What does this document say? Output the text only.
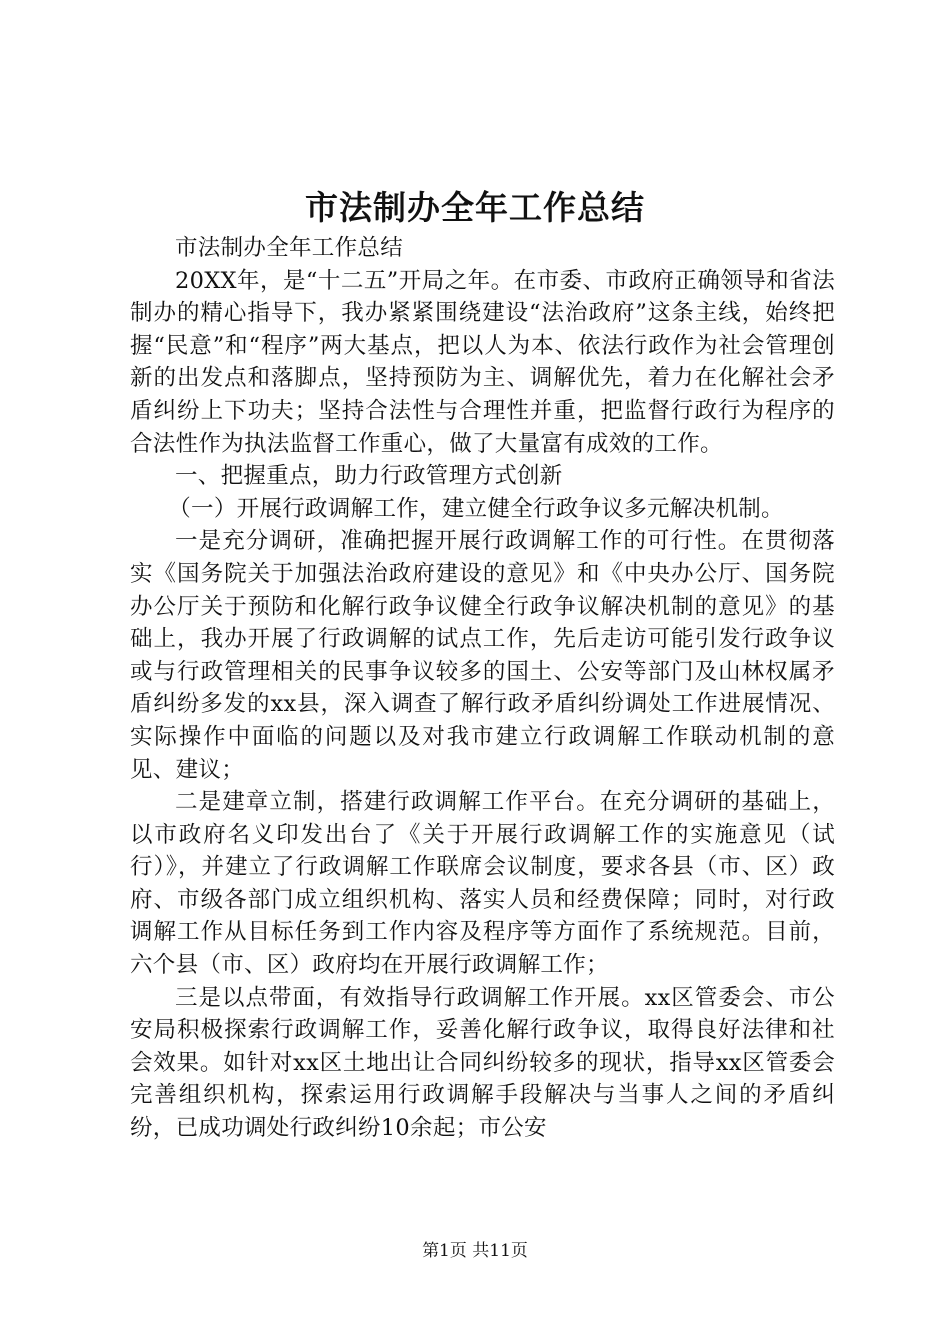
市法制办全年工作总结

市法制办全年工作总结

20XX年，是“十二五”开局之年。在市委、市政府正确领导和省法制办的精心指导下，我办紧紧围绕建设“法治政府”这条主线，始终把握“民意”和“程序”两大基点，把以人为本、依法行政作为社会管理创新的出发点和落脚点，坚持预防为主、调解优先，着力在化解社会矛盾纠纷上下功夫；坚持合法性与合理性并重，把监督行政行为程序的合法性作为执法监督工作重心，做了大量富有成效的工作。

一、把握重点，助力行政管理方式创新

（一）开展行政调解工作，建立健全行政争议多元解决机制。

一是充分调研，准确把握开展行政调解工作的可行性。在贯彻落实《国务院关于加强法治政府建设的意见》和《中央办公厅、国务院办公厅关于预防和化解行政争议健全行政争议解决机制的意见》的基础上，我办开展了行政调解的试点工作，先后走访可能引发行政争议或与行政管理相关的民事争议较多的国土、公安等部门及山林权属矛盾纠纷多发的xx县，深入调查了解行政矛盾纠纷调处工作进展情况、实际操作中面临的问题以及对我市建立行政调解工作联动机制的意见、建议；

二是建章立制，搭建行政调解工作平台。在充分调研的基础上，以市政府名义印发出台了《关于开展行政调解工作的实施意见（试行）》，并建立了行政调解工作联席会议制度，要求各县（市、区）政府、市级各部门成立组织机构、落实人员和经费保障；同时，对行政调解工作从目标任务到工作内容及程序等方面作了系统规范。目前，六个县（市、区）政府均在开展行政调解工作；

三是以点带面，有效指导行政调解工作开展。xx区管委会、市公安局积极探索行政调解工作，妥善化解行政争议，取得良好法律和社会效果。如针对xx区土地出让合同纠纷较多的现状，指导xx区管委会完善组织机构，探索运用行政调解手段解决与当事人之间的矛盾纠纷，已成功调处行政纠纷10余起；市公安

第1页 共11页
